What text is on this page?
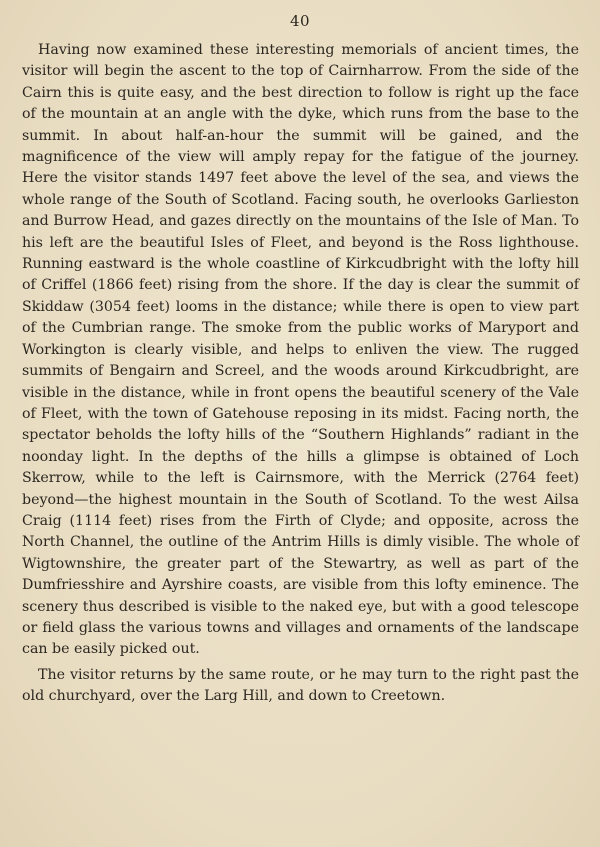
40

Having now examined these interesting memorials of ancient times, the visitor will begin the ascent to the top of Cairnharrow. From the side of the Cairn this is quite easy, and the best direction to follow is right up the face of the mountain at an angle with the dyke, which runs from the base to the summit. In about half-an-hour the summit will be gained, and the magnificence of the view will amply repay for the fatigue of the journey. Here the visitor stands 1497 feet above the level of the sea, and views the whole range of the South of Scotland. Facing south, he overlooks Garlieston and Burrow Head, and gazes directly on the mountains of the Isle of Man. To his left are the beautiful Isles of Fleet, and beyond is the Ross lighthouse. Running eastward is the whole coastline of Kirkcudbright with the lofty hill of Criffel (1866 feet) rising from the shore. If the day is clear the summit of Skiddaw (3054 feet) looms in the distance; while there is open to view part of the Cumbrian range. The smoke from the public works of Maryport and Workington is clearly visible, and helps to enliven the view. The rugged summits of Bengairn and Screel, and the woods around Kirkcudbright, are visible in the distance, while in front opens the beautiful scenery of the Vale of Fleet, with the town of Gatehouse reposing in its midst. Facing north, the spectator beholds the lofty hills of the “Southern Highlands” radiant in the noonday light. In the depths of the hills a glimpse is obtained of Loch Skerrow, while to the left is Cairnsmore, with the Merrick (2764 feet) beyond—the highest mountain in the South of Scotland. To the west Ailsa Craig (1114 feet) rises from the Firth of Clyde; and opposite, across the North Channel, the outline of the Antrim Hills is dimly visible. The whole of Wigtownshire, the greater part of the Stewartry, as well as part of the Dumfriesshire and Ayrshire coasts, are visible from this lofty eminence. The scenery thus described is visible to the naked eye, but with a good telescope or field glass the various towns and villages and ornaments of the landscape can be easily picked out.

The visitor returns by the same route, or he may turn to the right past the old churchyard, over the Larg Hill, and down to Creetown.
